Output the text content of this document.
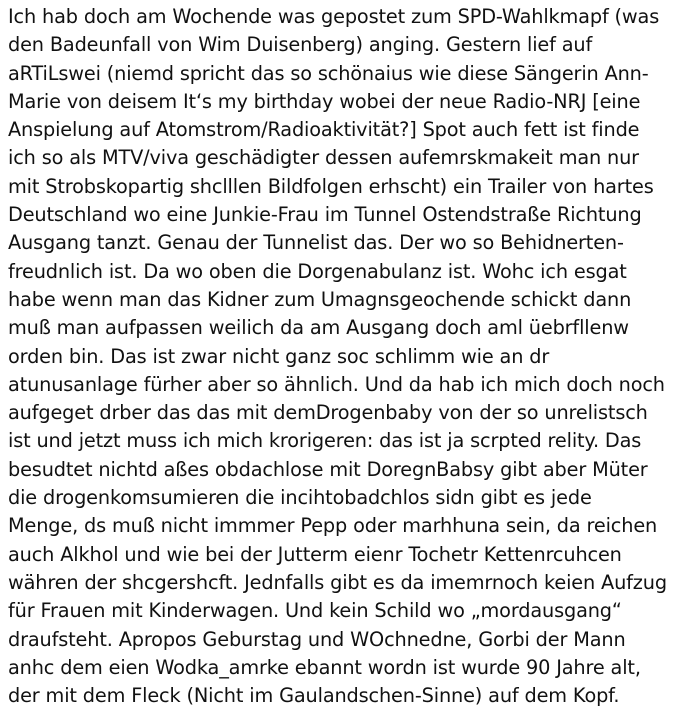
Ich hab doch am Wochende was gepostet zum SPD-Wahlkmapf (was
den Badeunfall von Wim Duisenberg) anging. Gestern lief auf
aRTiLswei (niemd spricht das so schönaius wie diese Sängerin Ann-
Marie von deisem It‘s my birthday wobei der neue Radio-NRJ [eine
Anspielung auf Atomstrom/Radioaktivität?] Spot auch fett ist finde
ich so als MTV/viva geschädigter dessen aufemrskmakeit man nur
mit Strobskopartig shclllen Bildfolgen erhscht) ein Trailer von hartes
Deutschland wo eine Junkie-Frau im Tunnel Ostendstraße Richtung
Ausgang tanzt. Genau der Tunnelist das. Der wo so Behidnerten-
freudnlich ist. Da wo oben die Dorgenabulanz ist. Wohc ich esgat
habe wenn man das Kidner zum Umagnsgeochende schickt dann
muß man aufpassen weilich da am Ausgang doch aml üebrfllenw
orden bin. Das ist zwar nicht ganz soc schlimm wie an dr
atunusanlage fürher aber so ähnlich. Und da hab ich mich doch noch
aufgeget drber das das mit demDrogenbaby von der so unrelistsch
ist und jetzt muss ich mich krorigeren: das ist ja scrpted relity. Das
besudtet nichtd aßes obdachlose mit DoregnBabsy gibt aber Müter
die drogenkomsumieren die incihtobadchlos sidn gibt es jede
Menge, ds muß nicht immmer Pepp oder marhhuna sein, da reichen
auch Alkhol und wie bei der Jutterm eienr Tochetr Kettenrcuhcen
währen der shcgershcft. Jednfalls gibt es da imemrnoch keien Aufzug
für Frauen mit Kinderwagen. Und kein Schild wo „mordausgang“
draufsteht. Apropos Geburstag und WOchnedne, Gorbi der Mann
anhc dem eien Wodka_amrke ebannt wordn ist wurde 90 Jahre alt,
der mit dem Fleck (Nicht im Gaulandschen-Sinne) auf dem Kopf.
